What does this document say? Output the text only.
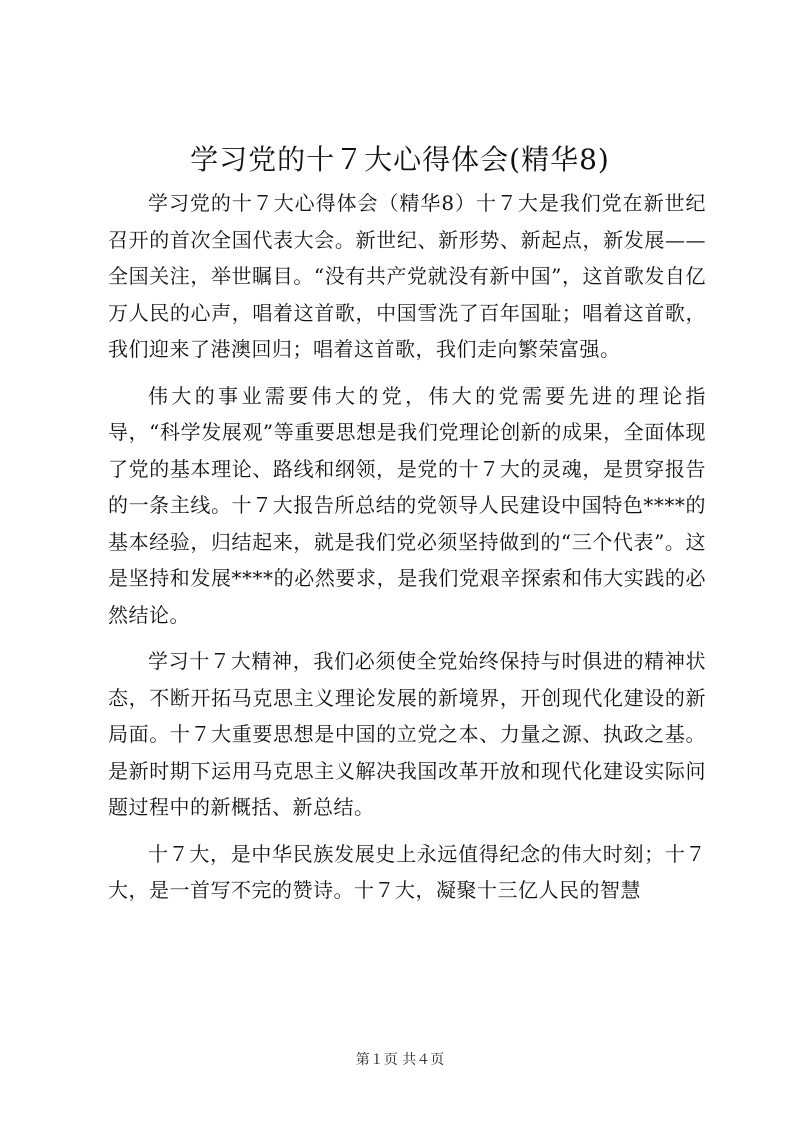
学习党的十７大心得体会(精华8)

学习党的十７大心得体会（精华8）十７大是我们党在新世纪召开的首次全国代表大会。新世纪、新形势、新起点，新发展——全国关注，举世瞩目。“没有共产党就没有新中国”，这首歌发自亿万人民的心声，唱着这首歌，中国雪洗了百年国耻；唱着这首歌，我们迎来了港澳回归；唱着这首歌，我们走向繁荣富强。

伟大的事业需要伟大的党，伟大的党需要先进的理论指导，“科学发展观”等重要思想是我们党理论创新的成果，全面体现了党的基本理论、路线和纲领，是党的十７大的灵魂，是贯穿报告的一条主线。十７大报告所总结的党领导人民建设中国特色****的基本经验，归结起来，就是我们党必须坚持做到的“三个代表”。这是坚持和发展****的必然要求，是我们党艰辛探索和伟大实践的必然结论。

学习十７大精神，我们必须使全党始终保持与时俱进的精神状态，不断开拓马克思主义理论发展的新境界，开创现代化建设的新局面。十７大重要思想是中国的立党之本、力量之源、执政之基。是新时期下运用马克思主义解决我国改革开放和现代化建设实际问题过程中的新概括、新总结。

十７大，是中华民族发展史上永远值得纪念的伟大时刻；十７大，是一首写不完的赞诗。十７大，凝聚十三亿人民的智慧

第１页 共４页
